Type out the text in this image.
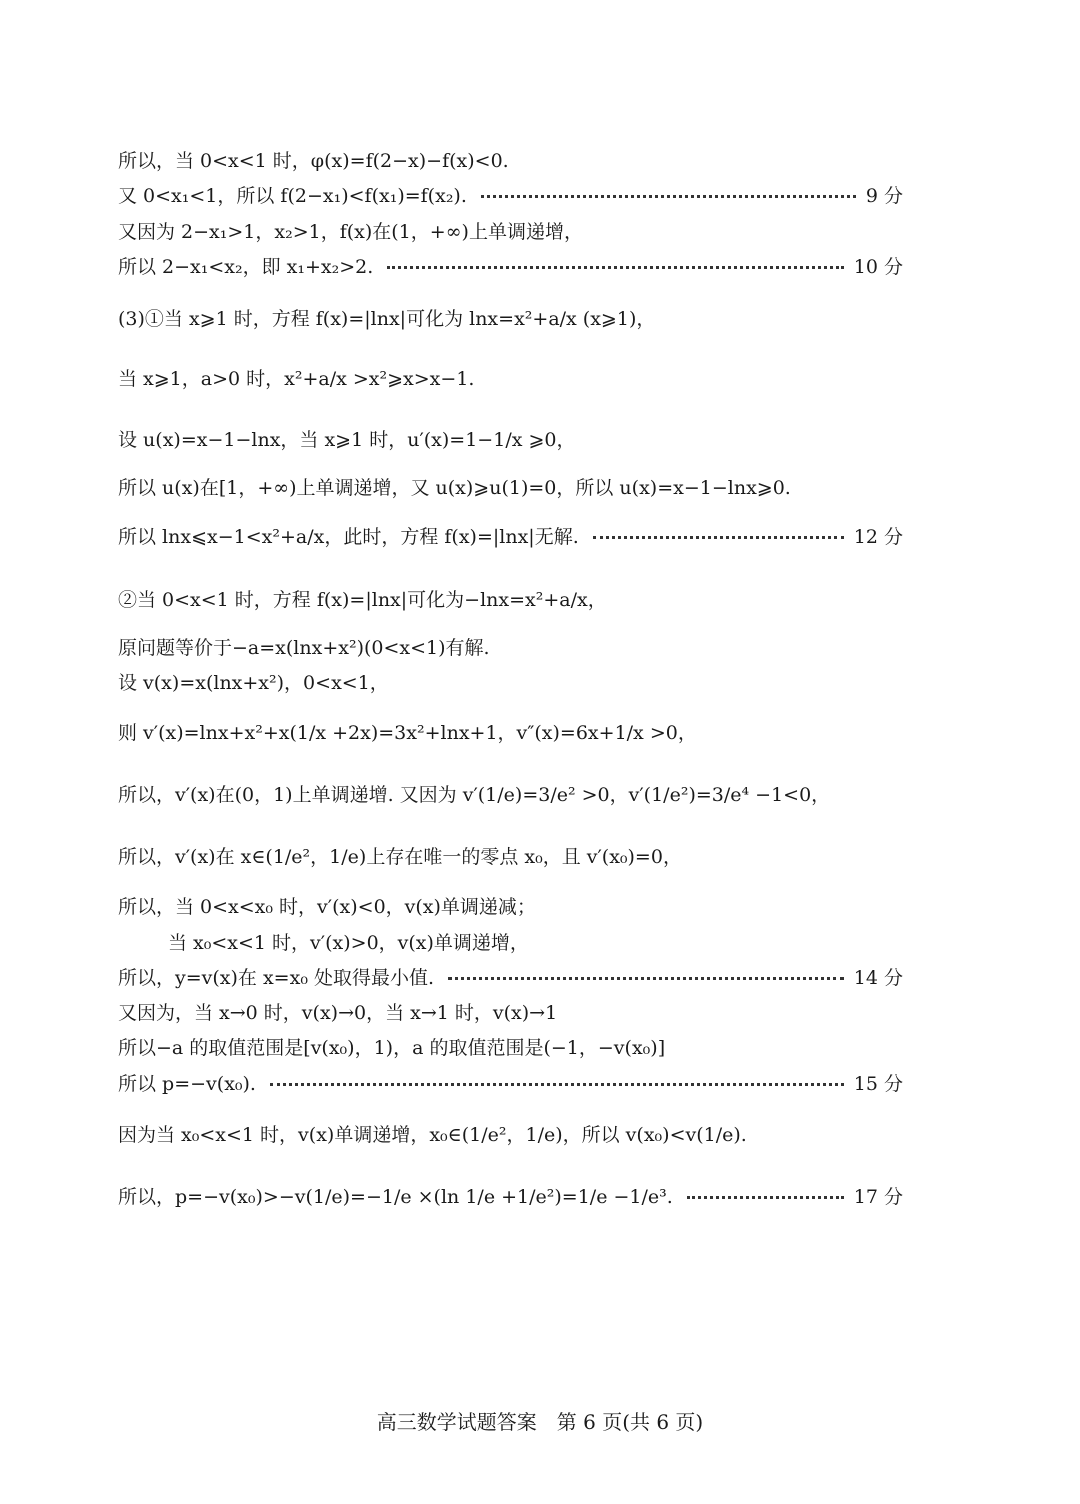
所以，当 0<x<1 时，φ(x)=f(2−x)−f(x)<0.
又 0<x₁<1，所以 f(2−x₁)<f(x₁)=f(x₂).	9 分
又因为 2−x₁>1，x₂>1，f(x)在(1，+∞)上单调递增，
所以 2−x₁<x₂，即 x₁+x₂>2.	10 分
(3)①当 x⩾1 时，方程 f(x)=|lnx|可化为 lnx=x²+a/x (x⩾1)，
当 x⩾1，a>0 时，x²+a/x >x²⩾x>x−1.
设 u(x)=x−1−lnx，当 x⩾1 时，u′(x)=1−1/x ⩾0，
所以 u(x)在[1，+∞)上单调递增，又 u(x)⩾u(1)=0，所以 u(x)=x−1−lnx⩾0.
所以 lnx⩽x−1<x²+a/x，此时，方程 f(x)=|lnx|无解.	12 分
②当 0<x<1 时，方程 f(x)=|lnx|可化为−lnx=x²+a/x，
原问题等价于−a=x(lnx+x²)(0<x<1)有解.
设 v(x)=x(lnx+x²)，0<x<1，
则 v′(x)=lnx+x²+x(1/x +2x)=3x²+lnx+1，v″(x)=6x+1/x >0，
所以，v′(x)在(0，1)上单调递增. 又因为 v′(1/e)=3/e² >0，v′(1/e²)=3/e⁴ −1<0，
所以，v′(x)在 x∈(1/e²，1/e)上存在唯一的零点 x₀，且 v′(x₀)=0，
所以，当 0<x<x₀ 时，v′(x)<0，v(x)单调递减；
当 x₀<x<1 时，v′(x)>0，v(x)单调递增，
所以，y=v(x)在 x=x₀ 处取得最小值.	14 分
又因为，当 x→0 时，v(x)→0，当 x→1 时，v(x)→1
所以−a 的取值范围是[v(x₀)，1)，a 的取值范围是(−1，−v(x₀)]
所以 p=−v(x₀).	15 分
因为当 x₀<x<1 时，v(x)单调递增，x₀∈(1/e²，1/e)，所以 v(x₀)<v(1/e).
所以，p=−v(x₀)>−v(1/e)=−1/e ×(ln 1/e +1/e²)=1/e −1/e³.	17 分
高三数学试题答案　第 6 页(共 6 页)
